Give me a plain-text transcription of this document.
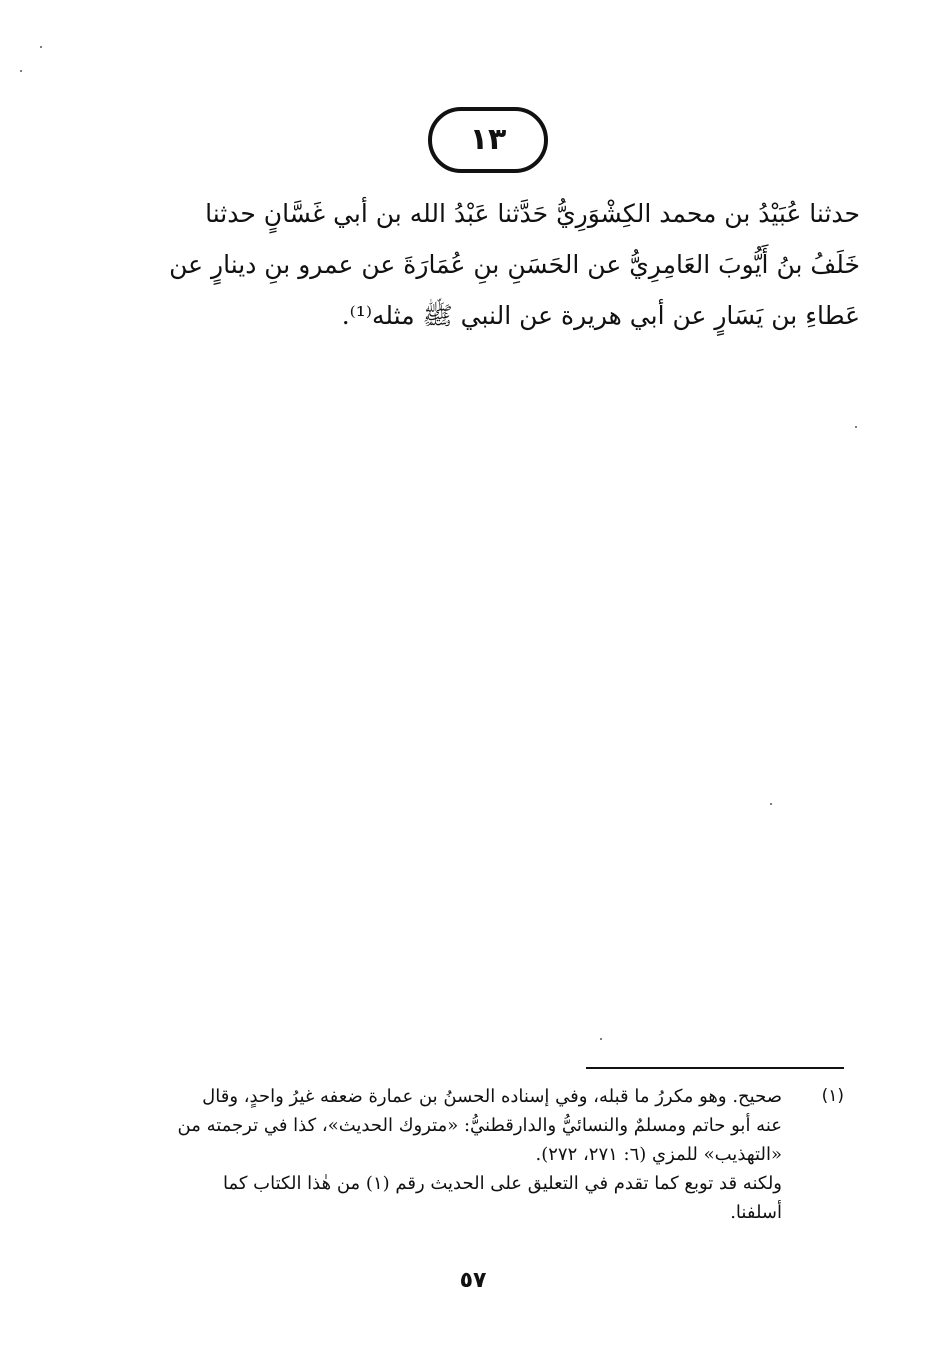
١٣
حدثنا عُبَيْدُ بن محمد الكِشْوَرِيُّ حَدَّثنا عَبْدُ الله بن أبي غَسَّانٍ حدثنا
خَلَفُ بنُ أَيُّوبَ العَامِرِيُّ عن الحَسَنِ بنِ عُمَارَةَ عن عمرو بنِ دينارٍ عن
عَطاءِ بن يَسَارٍ عن أبي هريرة عن النبي ﷺ مثله⁽¹⁾.
(١)
صحيح. وهو مكررُ ما قبله، وفي إسناده الحسنُ بن عمارة ضعفه غيرُ واحدٍ، وقال
عنه أبو حاتم ومسلمٌ والنسائيُّ والدارقطنيُّ: «متروك الحديث»، كذا في ترجمته من
«التهذيب» للمزي (٦: ٢٧١، ٢٧٢).
ولكنه قد توبع كما تقدم في التعليق على الحديث رقم (١) من هٰذا الكتاب كما
أسلفنا.
٥٧
